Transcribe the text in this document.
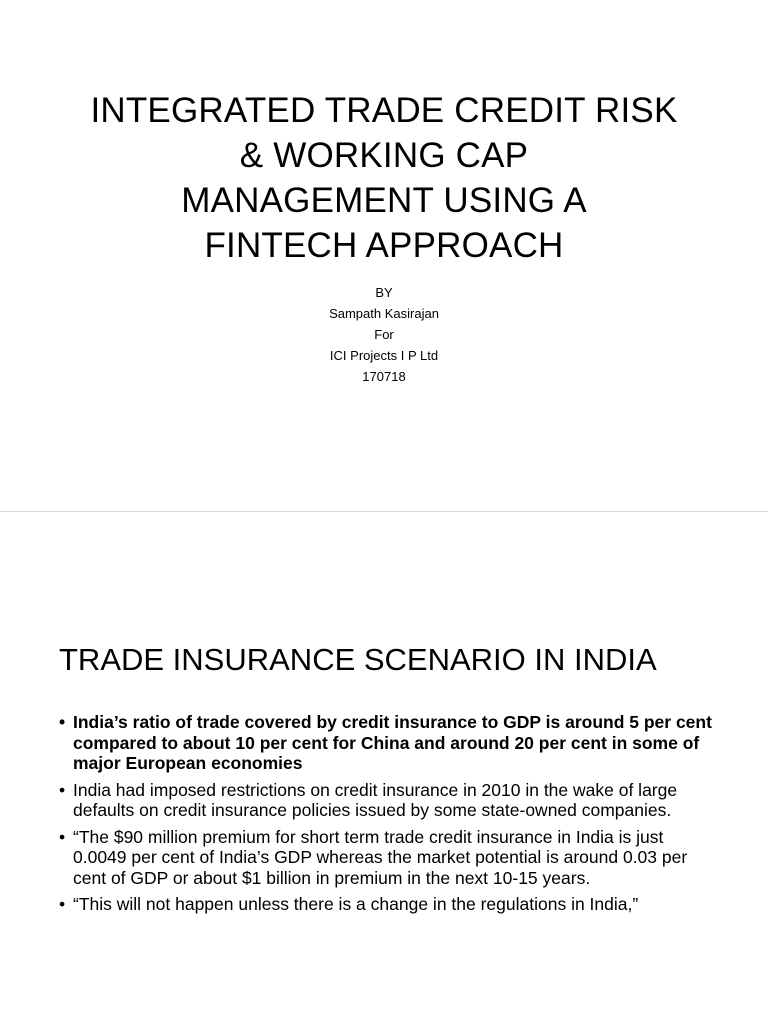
INTEGRATED TRADE CREDIT RISK
& WORKING CAP
MANAGEMENT USING A
FINTECH APPROACH
BY
Sampath Kasirajan
For
ICI Projects I P Ltd
170718
TRADE INSURANCE SCENARIO IN INDIA
• India’s ratio of trade covered by credit insurance to GDP is around 5 per cent compared to about 10 per cent for China and around 20 per cent in some of major European economies
• India had imposed restrictions on credit insurance in 2010 in the wake of large defaults on credit insurance policies issued by some state-owned companies.
• “The $90 million premium for short term trade credit insurance in India is just 0.0049 per cent of India’s GDP whereas the market potential is around 0.03 per cent of GDP or about $1 billion in premium in the next 10-15 years.
• “This will not happen unless there is a change in the regulations in India,”
